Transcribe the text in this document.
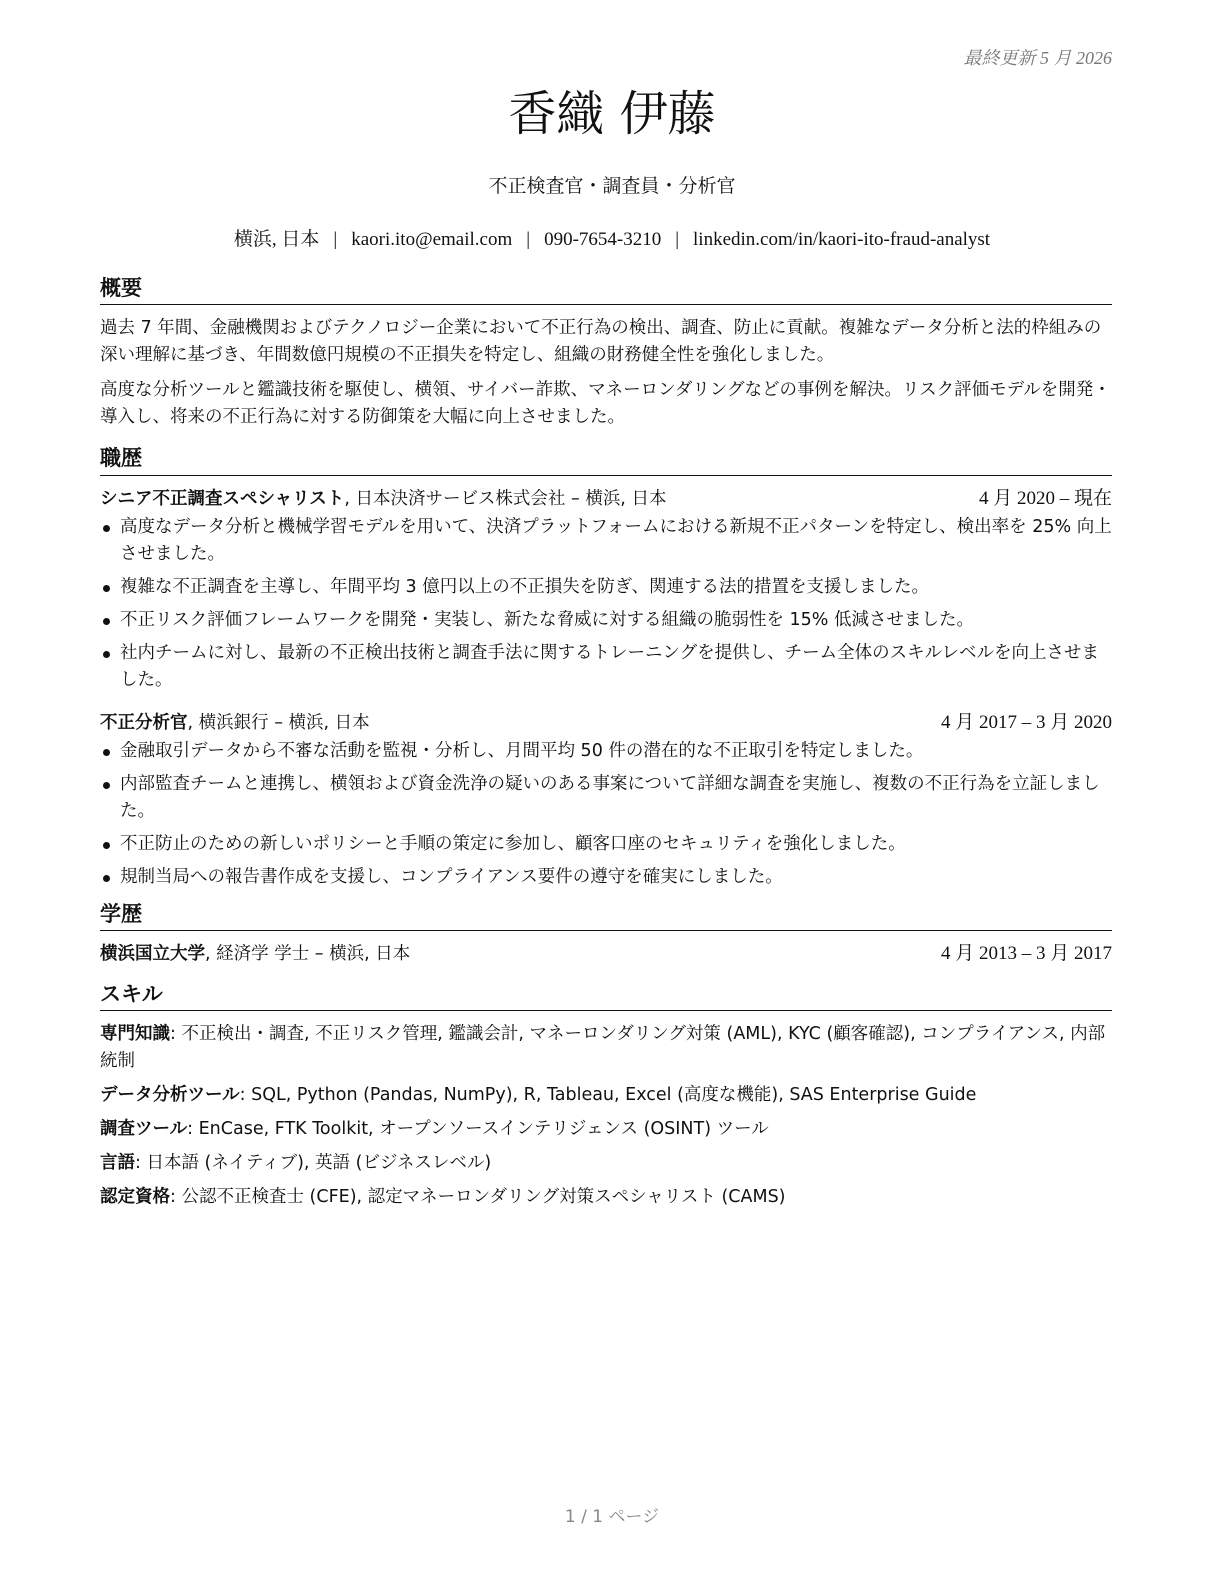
最終更新 5 月 2026
香織 伊藤
不正検査官・調査員・分析官
横浜, 日本 | kaori.ito@email.com | 090-7654-3210 | linkedin.com/in/kaori-ito-fraud-analyst
概要

過去 7 年間、金融機関およびテクノロジー企業において不正行為の検出、調査、防止に貢献。複雑なデータ分析と法的枠組みの深い理解に基づき、年間数億円規模の不正損失を特定し、組織の財務健全性を強化しました。

高度な分析ツールと鑑識技術を駆使し、横領、サイバー詐欺、マネーロンダリングなどの事例を解決。リスク評価モデルを開発・導入し、将来の不正行為に対する防御策を大幅に向上させました。

職歴
シニア不正調査スペシャリスト, 日本決済サービス株式会社 – 横浜, 日本	4 月 2020 – 現在
高度なデータ分析と機械学習モデルを用いて、決済プラットフォームにおける新規不正パターンを特定し、検出率を 25% 向上させました。
複雑な不正調査を主導し、年間平均 3 億円以上の不正損失を防ぎ、関連する法的措置を支援しました。
不正リスク評価フレームワークを開発・実装し、新たな脅威に対する組織の脆弱性を 15% 低減させました。
社内チームに対し、最新の不正検出技術と調査手法に関するトレーニングを提供し、チーム全体のスキルレベルを向上させました。
不正分析官, 横浜銀行 – 横浜, 日本	4 月 2017 – 3 月 2020
金融取引データから不審な活動を監視・分析し、月間平均 50 件の潜在的な不正取引を特定しました。
内部監査チームと連携し、横領および資金洗浄の疑いのある事案について詳細な調査を実施し、複数の不正行為を立証しました。
不正防止のための新しいポリシーと手順の策定に参加し、顧客口座のセキュリティを強化しました。
規制当局への報告書作成を支援し、コンプライアンス要件の遵守を確実にしました。
学歴
横浜国立大学, 経済学 学士 – 横浜, 日本	4 月 2013 – 3 月 2017
スキル
専門知識: 不正検出・調査, 不正リスク管理, 鑑識会計, マネーロンダリング対策 (AML), KYC (顧客確認), コンプライアンス, 内部統制
データ分析ツール: SQL, Python (Pandas, NumPy), R, Tableau, Excel (高度な機能), SAS Enterprise Guide
調査ツール: EnCase, FTK Toolkit, オープンソースインテリジェンス (OSINT) ツール
言語: 日本語 (ネイティブ), 英語 (ビジネスレベル)
認定資格: 公認不正検査士 (CFE), 認定マネーロンダリング対策スペシャリスト (CAMS)
1 / 1 ページ
